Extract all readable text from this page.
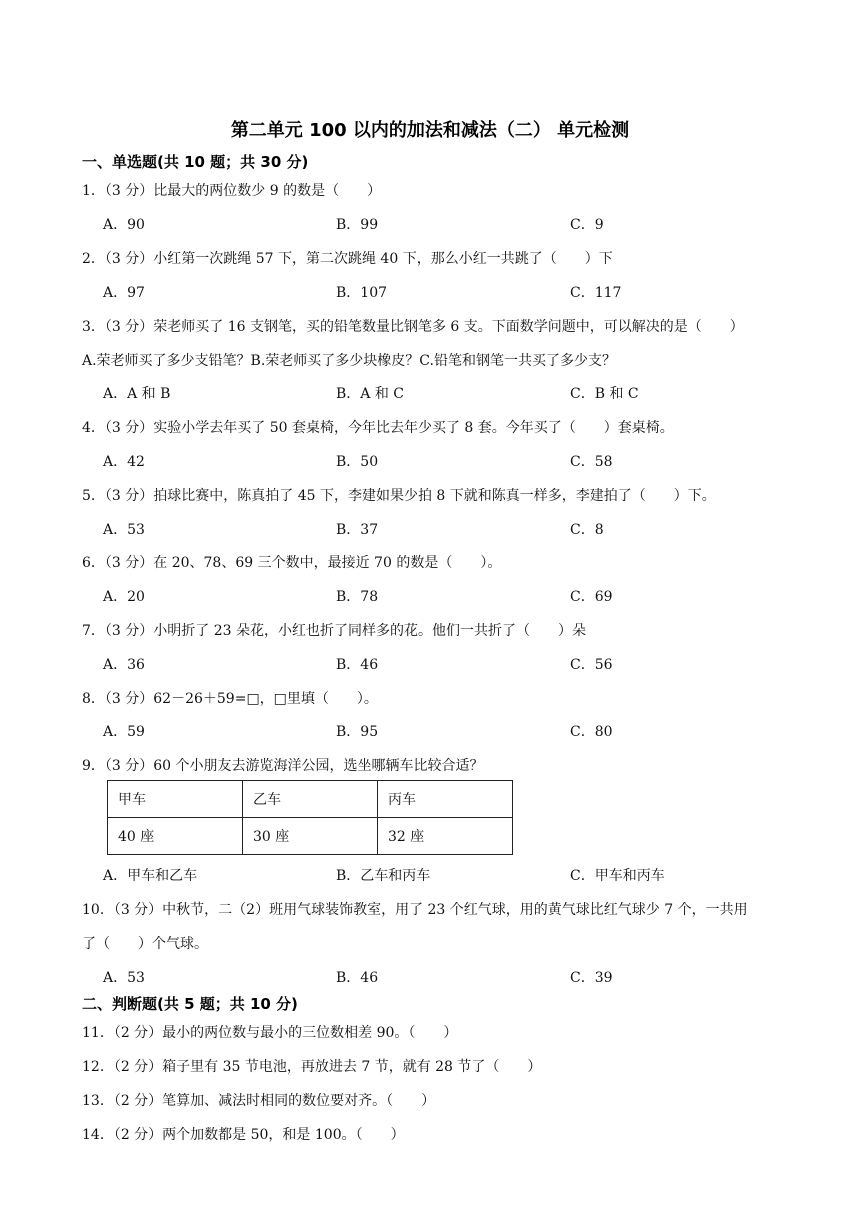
第二单元 100 以内的加法和减法（二） 单元检测
一、单选题(共 10 题；共 30 分)
1．（3 分）比最大的两位数少 9 的数是（　　）
A．90	B．99	C．9
2．（3 分）小红第一次跳绳 57 下，第二次跳绳 40 下，那么小红一共跳了（　　）下
A．97	B．107	C．117
3．（3 分）荣老师买了 16 支钢笔，买的铅笔数量比钢笔多 6 支。下面数学问题中，可以解决的是（　　）
A.荣老师买了多少支铅笔？B.荣老师买了多少块橡皮？C.铅笔和钢笔一共买了多少支？
A．A 和 B	B．A 和 C	C．B 和 C
4．（3 分）实验小学去年买了 50 套桌椅，今年比去年少买了 8 套。今年买了（　　）套桌椅。
A．42	B．50	C．58
5．（3 分）拍球比赛中，陈真拍了 45 下，李建如果少拍 8 下就和陈真一样多，李建拍了（　　）下。
A．53	B．37	C．8
6．（3 分）在 20、78、69 三个数中，最接近 70 的数是（　　）。
A．20	B．78	C．69
7．（3 分）小明折了 23 朵花，小红也折了同样多的花。他们一共折了（　　）朵
A．36	B．46	C．56
8．（3 分）62－26＋59=□，□里填（　　）。
A．59	B．95	C．80
9．（3 分）60 个小朋友去游览海洋公园，选坐哪辆车比较合适？
甲车	乙车	丙车
40 座	30 座	32 座
A．甲车和乙车	B．乙车和丙车	C．甲车和丙车
10．（3 分）中秋节，二（2）班用气球装饰教室，用了 23 个红气球，用的黄气球比红气球少 7 个，一共用
了（　　）个气球。
A．53	B．46	C．39
二、判断题(共 5 题；共 10 分)
11．（2 分）最小的两位数与最小的三位数相差 90。（　　）
12．（2 分）箱子里有 35 节电池，再放进去 7 节，就有 28 节了（　　）
13．（2 分）笔算加、减法时相同的数位要对齐。（　　）
14．（2 分）两个加数都是 50，和是 100。（　　）
